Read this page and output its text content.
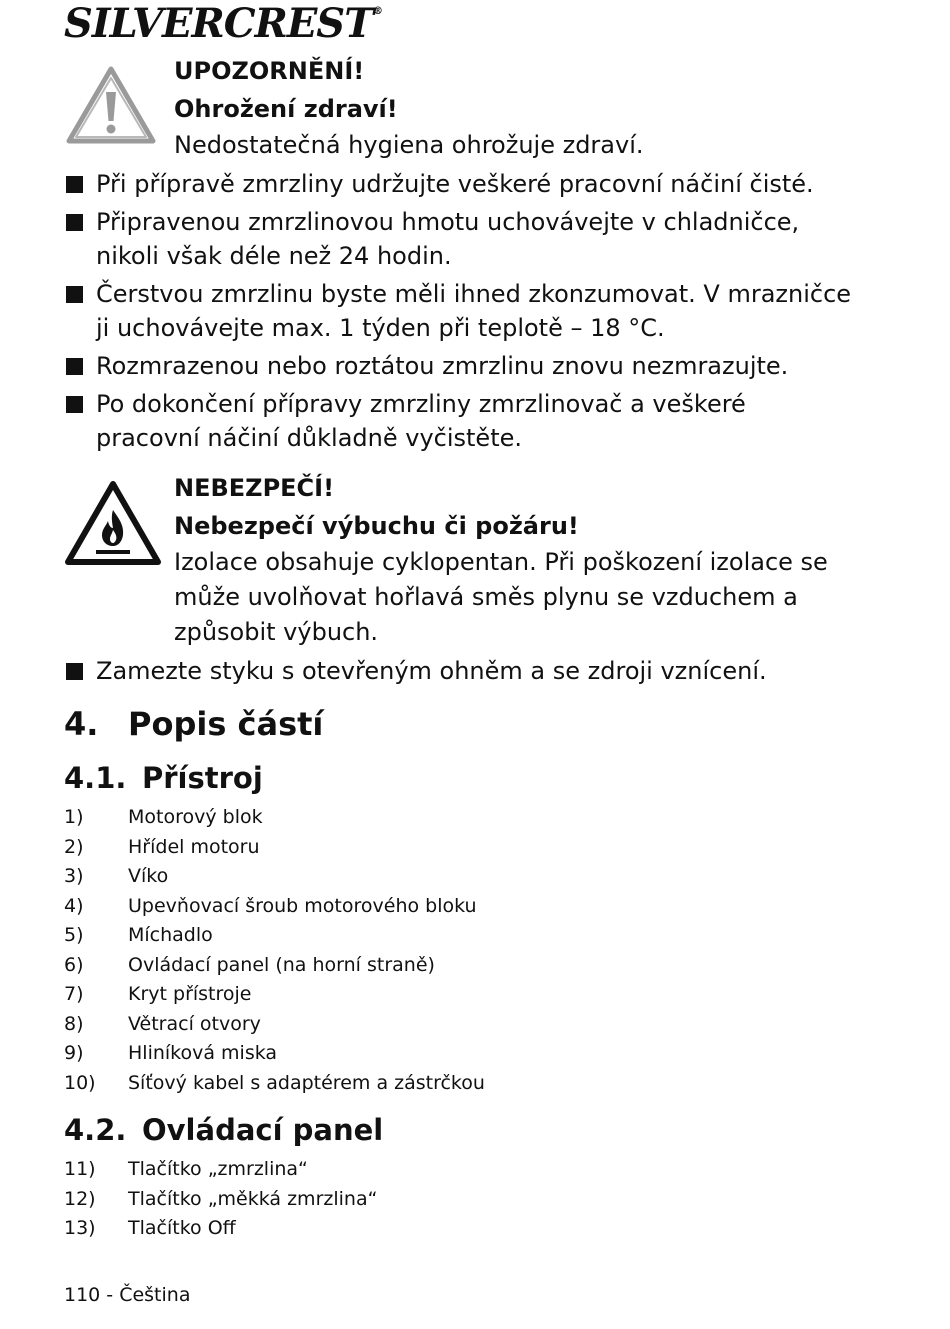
SILVERCREST®

UPOZORNĚNÍ!

Ohrožení zdraví!

Nedostatečná hygiena ohrožuje zdraví.

Při přípravě zmrzliny udržujte veškeré pracovní náčiní čisté.
Připravenou zmrzlinovou hmotu uchovávejte v chladničce, nikoli však déle než 24 hodin.
Čerstvou zmrzlinu byste měli ihned zkonzumovat. V mrazničce ji uchovávejte max. 1 týden při teplotě – 18 °C.
Rozmrazenou nebo roztátou zmrzlinu znovu nezmrazujte.
Po dokončení přípravy zmrzliny zmrzlinovač a veškeré pracovní náčiní důkladně vyčistěte.

NEBEZPEČÍ!

Nebezpečí výbuchu či požáru!

Izolace obsahuje cyklopentan. Při poškození izolace se může uvolňovat hořlavá směs plynu se vzduchem a způsobit výbuch.

Zamezte styku s otevřeným ohněm a se zdroji vznícení.
4. Popis částí
4.1. Přístroj
1) Motorový blok
2) Hřídel motoru
3) Víko
4) Upevňovací šroub motorového bloku
5) Míchadlo
6) Ovládací panel (na horní straně)
7) Kryt přístroje
8) Větrací otvory
9) Hliníková miska
10) Síťový kabel s adaptérem a zástrčkou
4.2. Ovládací panel
11) Tlačítko „zmrzlina“
12) Tlačítko „měkká zmrzlina“
13) Tlačítko Off
110 - Čeština
